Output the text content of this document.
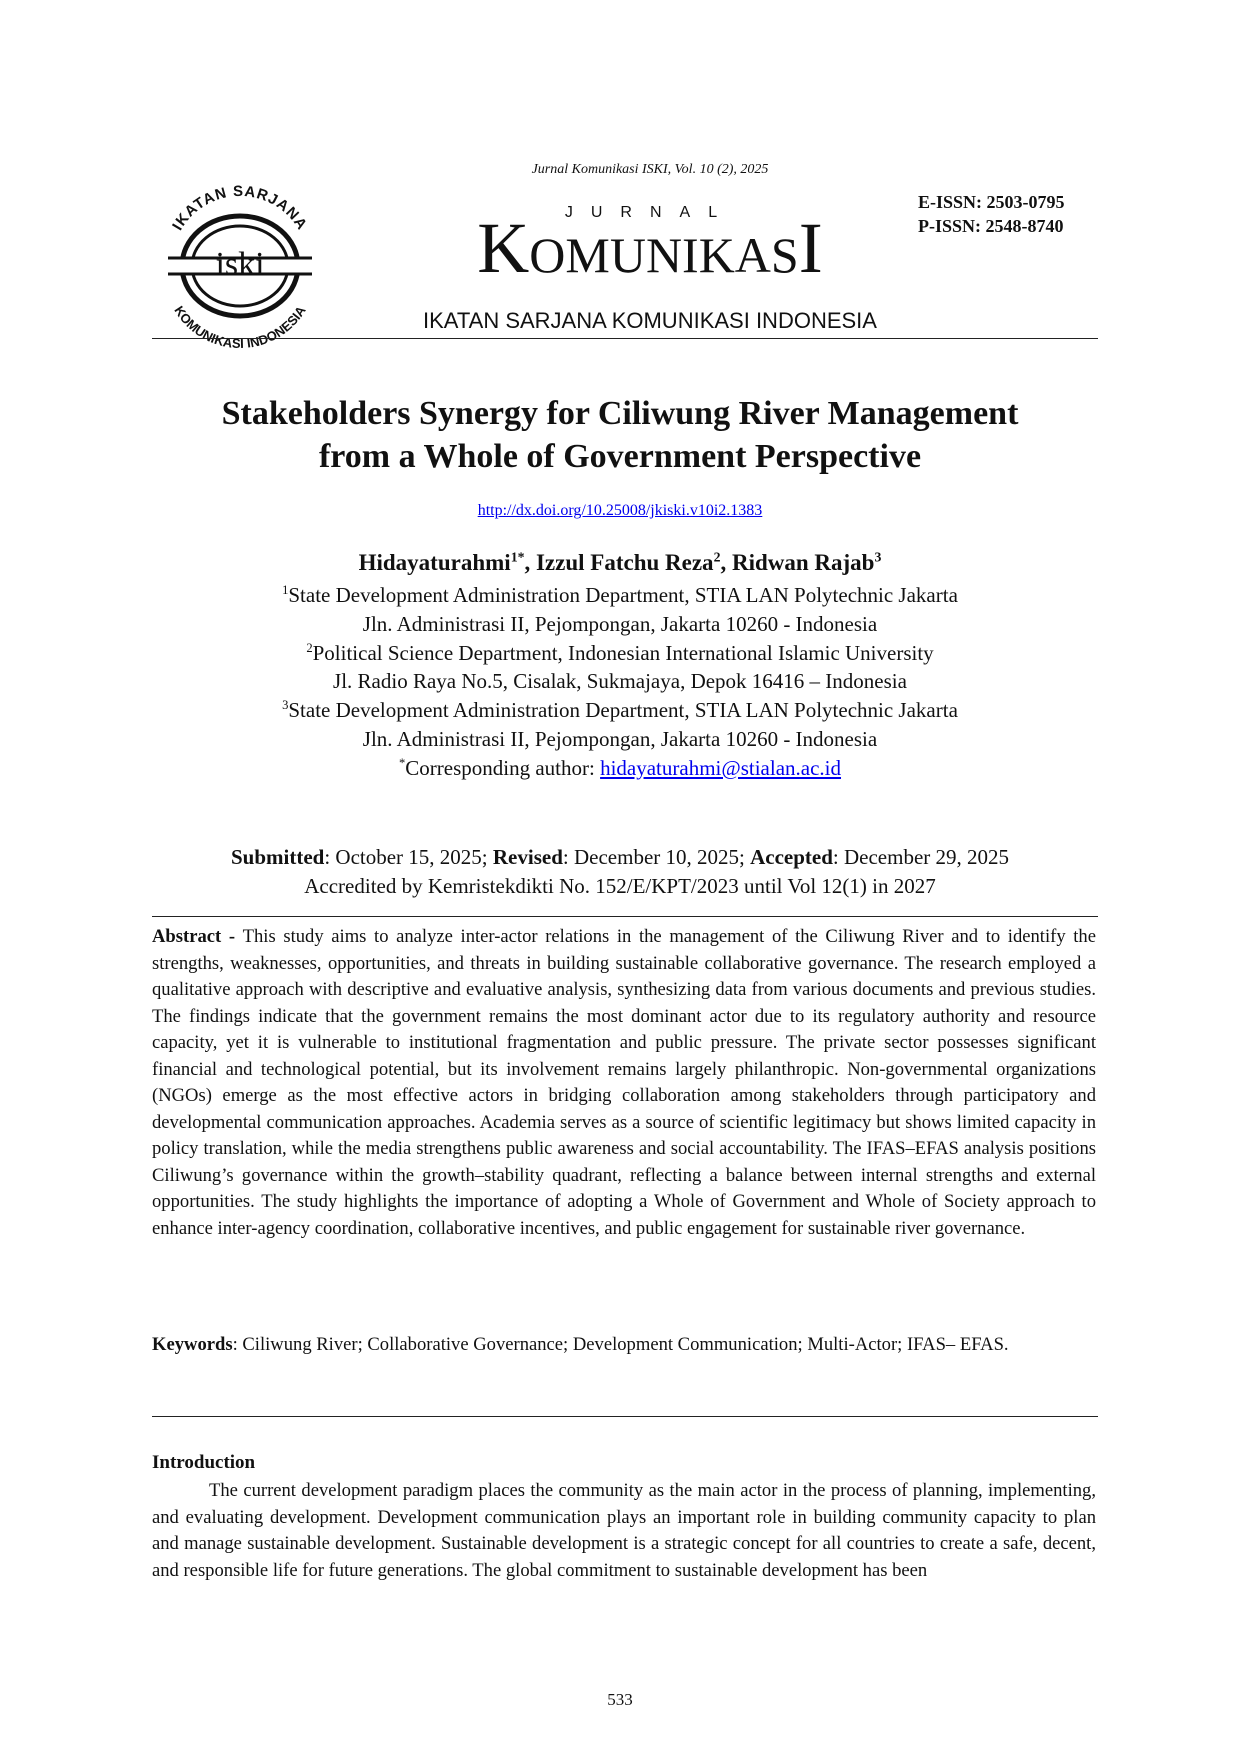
IKATAN SARJANA
iski
KOMUNIKASI INDONESIA
Jurnal Komunikasi ISKI, Vol. 10 (2), 2025
JURNAL
KOMUNIKASI
E-ISSN: 2503-0795
P-ISSN: 2548-8740
IKATAN SARJANA KOMUNIKASI INDONESIA
Stakeholders Synergy for Ciliwung River Management
from a Whole of Government Perspective
http://dx.doi.org/10.25008/jkiski.v10i2.1383
Hidayaturahmi$^{1*}$, Izzul Fatchu Reza$^2$, Ridwan Rajab$^3$
$^1$State Development Administration Department, STIA LAN Polytechnic Jakarta
Jln. Administrasi II, Pejompongan, Jakarta 10260 - Indonesia
$^2$Political Science Department, Indonesian International Islamic University
Jl. Radio Raya No.5, Cisalak, Sukmajaya, Depok 16416 – Indonesia
$^3$State Development Administration Department, STIA LAN Polytechnic Jakarta
Jln. Administrasi II, Pejompongan, Jakarta 10260 - Indonesia
*Corresponding author: hidayaturahmi@stialan.ac.id
Submitted: October 15, 2025; Revised: December 10, 2025; Accepted: December 29, 2025
Accredited by Kemristekdikti No. 152/E/KPT/2023 until Vol 12(1) in 2027
Abstract - This study aims to analyze inter-actor relations in the management of the Ciliwung River and to identify the strengths, weaknesses, opportunities, and threats in building sustainable collaborative governance. The research employed a qualitative approach with descriptive and evaluative analysis, synthesizing data from various documents and previous studies. The findings indicate that the government remains the most dominant actor due to its regulatory authority and resource capacity, yet it is vulnerable to institutional fragmentation and public pressure. The private sector possesses significant financial and technological potential, but its involvement remains largely philanthropic. Non-governmental organizations (NGOs) emerge as the most effective actors in bridging collaboration among stakeholders through participatory and developmental communication approaches. Academia serves as a source of scientific legitimacy but shows limited capacity in policy translation, while the media strengthens public awareness and social accountability. The IFAS–EFAS analysis positions Ciliwung’s governance within the growth–stability quadrant, reflecting a balance between internal strengths and external opportunities. The study highlights the importance of adopting a Whole of Government and Whole of Society approach to enhance inter-agency coordination, collaborative incentives, and public engagement for sustainable river governance.
Keywords: Ciliwung River; Collaborative Governance; Development Communication; Multi-Actor; IFAS– EFAS.
Introduction
The current development paradigm places the community as the main actor in the process of planning, implementing, and evaluating development. Development communication plays an important role in building community capacity to plan and manage sustainable development. Sustainable development is a strategic concept for all countries to create a safe, decent, and responsible life for future generations. The global commitment to sustainable development has been
533
